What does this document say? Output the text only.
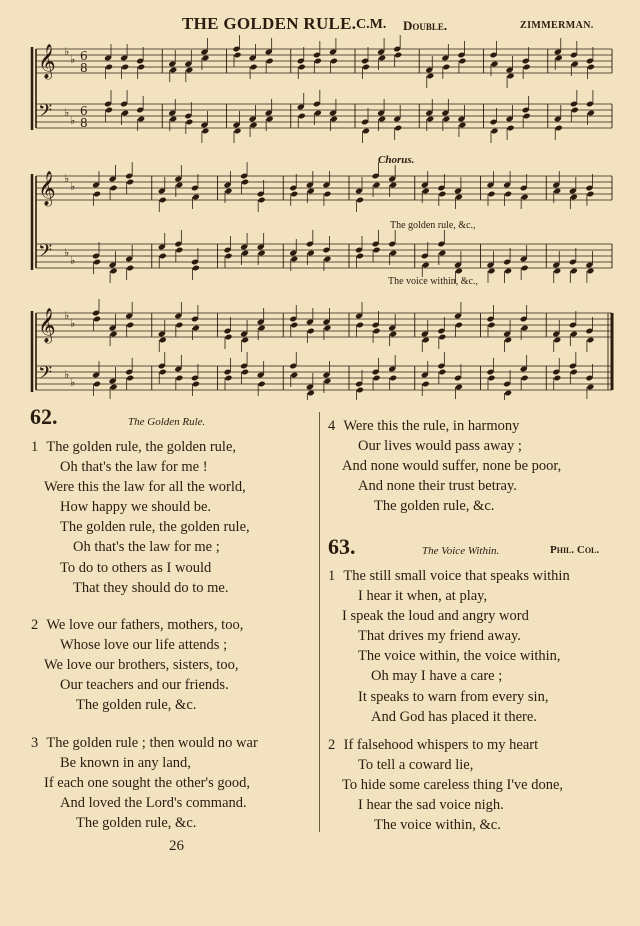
THE GOLDEN RULE. C.M. Double.	ZIMMERMAN.
𝄞 ♭
♭ 6
8
𝄢 ♭
♭
6
8
𝄞 ♭
♭
𝄢 ♭
♭
𝄞 ♭
♭
𝄢 ♭
♭
Chorus.
The golden rule, &c.,
The voice within, &c.,
62.	The Golden Rule.
1 The golden rule, the golden rule,
Oh that's the law for me !
Were this the law for all the world,
How happy we should be.
The golden rule, the golden rule,
Oh that's the law for me ;
To do to others as I would
That they should do to me.
2 We love our fathers, mothers, too,
Whose love our life attends ;
We love our brothers, sisters, too,
Our teachers and our friends.
The golden rule, &c.
3 The golden rule ; then would no war
Be known in any land,
If each one sought the other's good,
And loved the Lord's command.
The golden rule, &c.
26
4 Were this the rule, in harmony
Our lives would pass away ;
And none would suffer, none be poor,
And none their trust betray.
The golden rule, &c.
63.	The Voice Within.	Phil. Col.
1 The still small voice that speaks within
I hear it when, at play,
I speak the loud and angry word
That drives my friend away.
The voice within, the voice within,
Oh may I have a care ;
It speaks to warn from every sin,
And God has placed it there.
2 If falsehood whispers to my heart
To tell a coward lie,
To hide some careless thing I've done,
I hear the sad voice nigh.
The voice within, &c.
